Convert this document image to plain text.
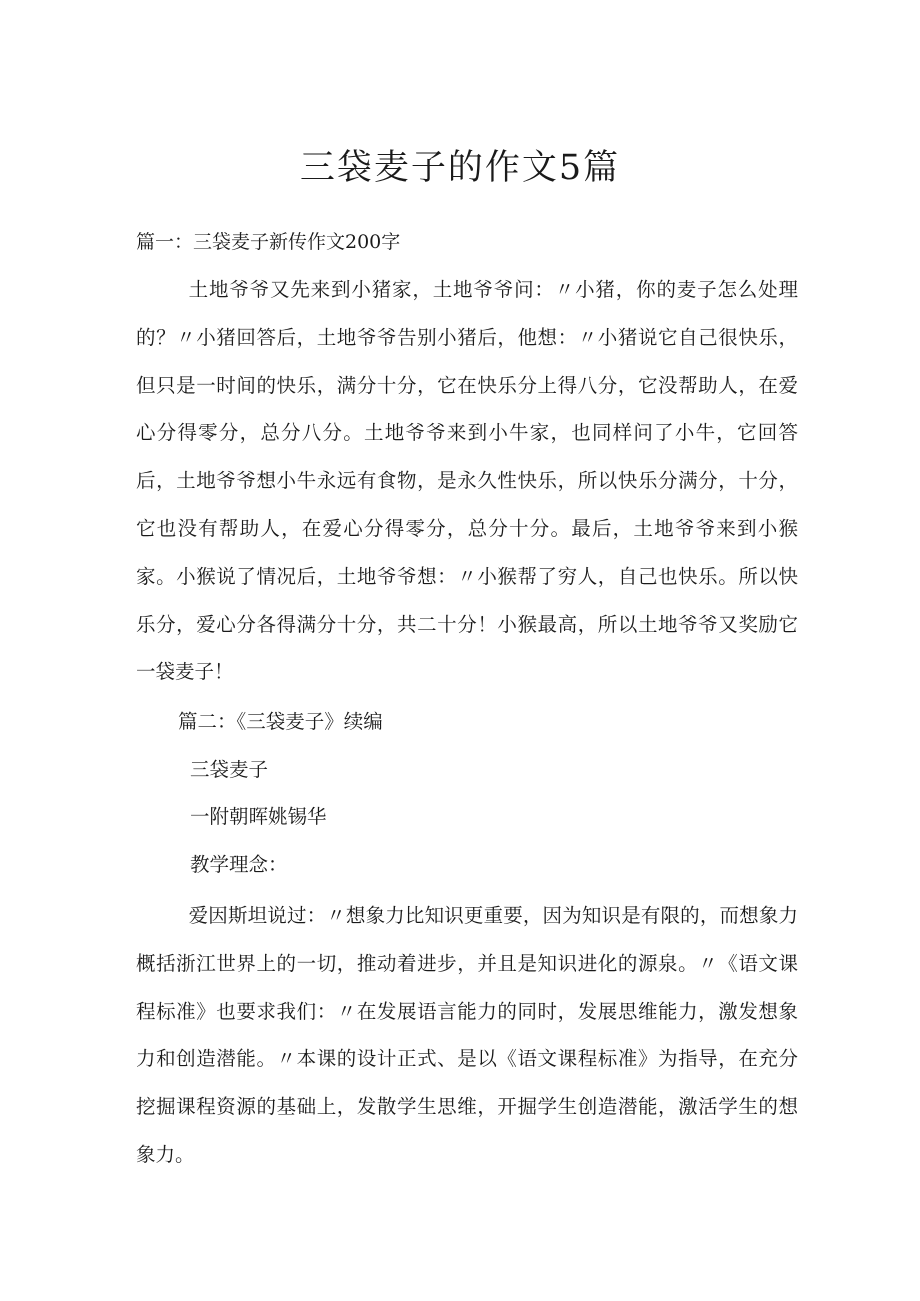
三袋麦子的作文5篇
篇一：三袋麦子新传作文200字
土地爷爷又先来到小猪家，土地爷爷问：〃小猪，你的麦子怎么处理的？〃小猪回答后，土地爷爷告别小猪后，他想：〃小猪说它自己很快乐，但只是一时间的快乐，满分十分，它在快乐分上得八分，它没帮助人，在爱心分得零分，总分八分。土地爷爷来到小牛家，也同样问了小牛，它回答后，土地爷爷想小牛永远有食物，是永久性快乐，所以快乐分满分，十分，它也没有帮助人，在爱心分得零分，总分十分。最后，土地爷爷来到小猴家。小猴说了情况后，土地爷爷想：〃小猴帮了穷人，自己也快乐。所以快乐分，爱心分各得满分十分，共二十分！小猴最高，所以土地爷爷又奖励它一袋麦子！
篇二：《三袋麦子》续编
三袋麦子
一附朝晖姚锡华
教学理念：
爱因斯坦说过：〃想象力比知识更重要，因为知识是有限的，而想象力概括浙江世界上的一切，推动着进步，并且是知识进化的源泉。〃《语文课程标准》也要求我们：〃在发展语言能力的同时，发展思维能力，激发想象力和创造潜能。〃本课的设计正式、是以《语文课程标准》为指导，在充分挖掘课程资源的基础上，发散学生思维，开掘学生创造潜能，激活学生的想象力。
